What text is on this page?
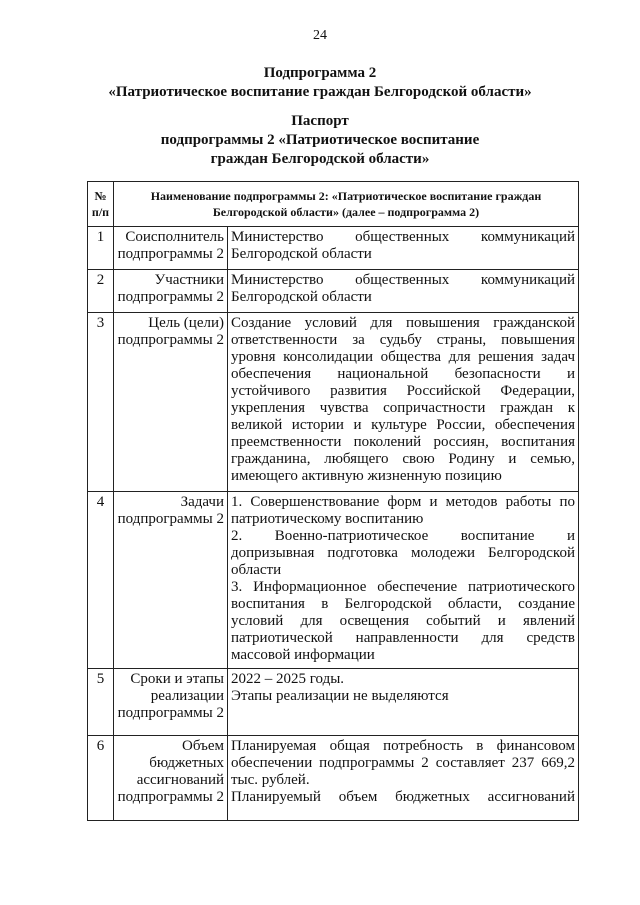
24
Подпрограмма 2
«Патриотическое воспитание граждан Белгородской области»
Паспорт
подпрограммы 2 «Патриотическое воспитание
граждан Белгородской области»
№ п/п	Наименование подпрограммы 2: «Патриотическое воспитание граждан Белгородской области» (далее – подпрограмма 2)	
1	Соисполнитель подпрограммы 2	Министерство общественных коммуникаций Белгородской области

2	Участники подпрограммы 2	Министерство общественных коммуникаций Белгородской области

3	Цель (цели) подпрограммы 2	Создание условий для повышения гражданской ответственности за судьбу страны, повышения уровня консолидации общества для решения задач обеспечения национальной безопасности и устойчивого развития Российской Федерации, укрепления чувства сопричастности граждан к великой истории и культуре России, обеспечения преемственности поколений россиян, воспитания гражданина, любящего свою Родину и семью, имеющего активную жизненную позицию

4	Задачи подпрограммы 2	1. Совершенствование форм и методов работы по патриотическому воспитанию

2. Военно-патриотическое воспитание и допризывная подготовка молодежи Белгородской области

3. Информационное обеспечение патриотического воспитания в Белгородской области, создание условий для освещения событий и явлений патриотической направленности для средств массовой информации

5	Сроки и этапы реализации подпрограммы 2	2022 – 2025 годы.

Этапы реализации не выделяются

6	Объем бюджетных ассигнований подпрограммы 2	Планируемая общая потребность в финансовом обеспечении подпрограммы 2 составляет 237 669,2 тыс. рублей.

Планируемый объем бюджетных ассигнований
